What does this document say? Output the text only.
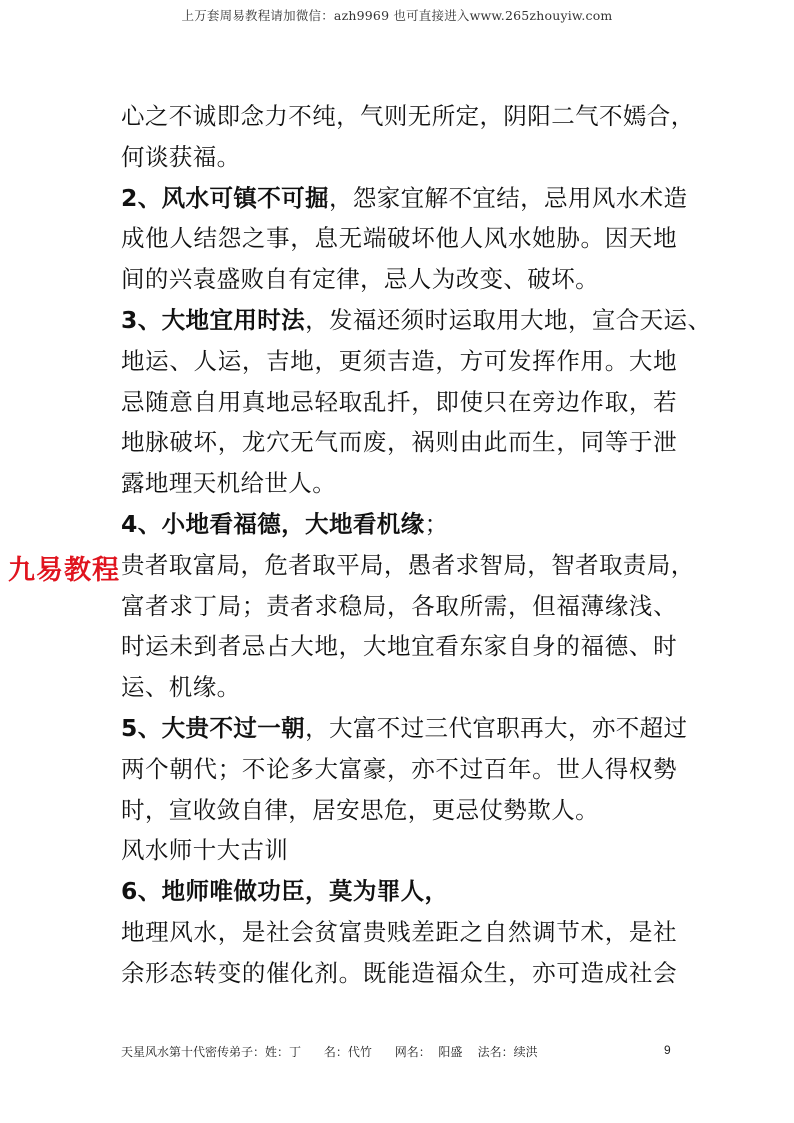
上万套周易教程请加微信：azh9969 也可直接进入www.265zhouyiw.com
心之不诚即念力不纯，气则无所定，阴阳二气不嫣合，
何谈获福。
2、风水可镇不可掘，怨家宜解不宜结，忌用风水术造
成他人结怨之事，息无端破坏他人风水她胁。因天地
间的兴袁盛败自有定律，忌人为改变、破坏。
3、大地宜用时法，发福还须时运取用大地，宣合天运、
地运、人运，吉地，更须吉造，方可发挥作用。大地
忌随意自用真地忌轻取乱扦，即使只在旁边作取，若
地脉破坏，龙穴无气而废，祸则由此而生，同等于泄
露地理天机给世人。
4、小地看福德，大地看机缘；
贵者取富局，危者取平局，愚者求智局，智者取责局，
富者求丁局；责者求稳局，各取所需，但福薄缘浅、
时运未到者忌占大地，大地宜看东家自身的福德、时
运、机缘。
5、大贵不过一朝，大富不过三代官职再大，亦不超过
两个朝代；不论多大富豪，亦不过百年。世人得权勢
时，宣收敛自律，居安思危，更忌仗勢欺人。
风水师十大古训
6、地师唯做功臣，莫为罪人，
地理风水，是社会贫富贵贱差距之自然调节术，是社
余形态转变的催化剂。既能造福众生，亦可造成社会
九易教程
天星风水第十代密传弟子：姓：丁      名：代竹      网名：  阳盛    法名：续洪	9
